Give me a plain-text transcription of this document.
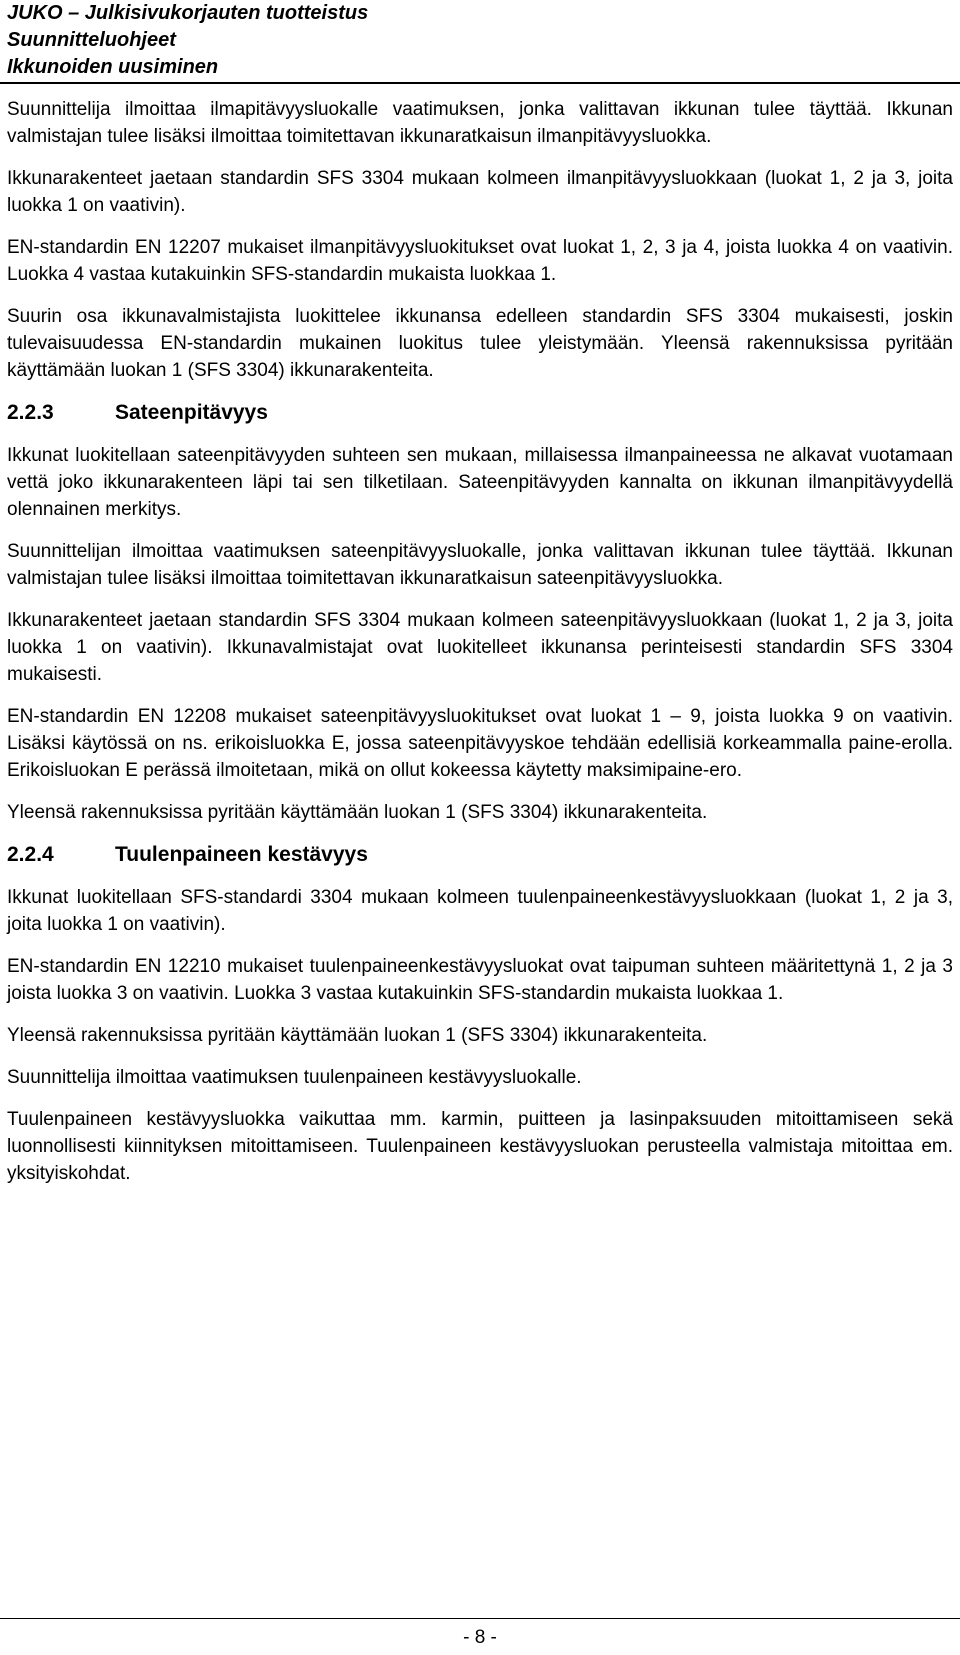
JUKO – Julkisivukorjauten tuotteistus
Suunnitteluohjeet
Ikkunoiden uusiminen

Suunnittelija ilmoittaa ilmapitävyysluokalle vaatimuksen, jonka valittavan ikkunan tulee täyttää. Ikkunan valmistajan tulee lisäksi ilmoittaa toimitettavan ikkunaratkaisun ilmanpitävyysluokka.

Ikkunarakenteet jaetaan standardin SFS 3304 mukaan kolmeen ilmanpitävyysluokkaan (luokat 1, 2 ja 3, joita luokka 1 on vaativin).

EN-standardin EN 12207 mukaiset ilmanpitävyysluokitukset ovat luokat 1, 2, 3 ja 4, joista luokka 4 on vaativin. Luokka 4 vastaa kutakuinkin SFS-standardin mukaista luokkaa 1.

Suurin osa ikkunavalmistajista luokittelee ikkunansa edelleen standardin SFS 3304 mukaisesti, joskin tulevaisuudessa EN-standardin mukainen luokitus tulee yleistymään. Yleensä rakennuksissa pyritään käyttämään luokan 1 (SFS 3304) ikkunarakenteita.

2.2.3	Sateenpitävyys

Ikkunat luokitellaan sateenpitävyyden suhteen sen mukaan, millaisessa ilmanpaineessa ne alkavat vuotamaan vettä joko ikkunarakenteen läpi tai sen tilketilaan. Sateenpitävyyden kannalta on ikkunan ilmanpitävyydellä olennainen merkitys.

Suunnittelijan ilmoittaa vaatimuksen sateenpitävyysluokalle, jonka valittavan ikkunan tulee täyttää. Ikkunan valmistajan tulee lisäksi ilmoittaa toimitettavan ikkunaratkaisun sateenpitävyysluokka.

Ikkunarakenteet jaetaan standardin SFS 3304 mukaan kolmeen sateenpitävyysluokkaan (luokat 1, 2 ja 3, joita luokka 1 on vaativin). Ikkunavalmistajat ovat luokitelleet ikkunansa perinteisesti standardin SFS 3304 mukaisesti.

EN-standardin EN 12208 mukaiset sateenpitävyysluokitukset ovat luokat 1 – 9, joista luokka 9 on vaativin. Lisäksi käytössä on ns. erikoisluokka E, jossa sateenpitävyyskoe tehdään edellisiä korkeammalla paine-erolla. Erikoisluokan E perässä ilmoitetaan, mikä on ollut kokeessa käytetty maksimipaine-ero.

Yleensä rakennuksissa pyritään käyttämään luokan 1 (SFS 3304) ikkunarakenteita.

2.2.4	Tuulenpaineen kestävyys

Ikkunat luokitellaan SFS-standardi 3304 mukaan kolmeen tuulenpaineenkestävyysluokkaan (luokat 1, 2 ja 3, joita luokka 1 on vaativin).

EN-standardin EN 12210 mukaiset tuulenpaineenkestävyysluokat ovat taipuman suhteen määritettynä 1, 2 ja 3 joista luokka 3 on vaativin. Luokka 3 vastaa kutakuinkin SFS-standardin mukaista luokkaa 1.

Yleensä rakennuksissa pyritään käyttämään luokan 1 (SFS 3304) ikkunarakenteita.

Suunnittelija ilmoittaa vaatimuksen tuulenpaineen kestävyysluokalle.

Tuulenpaineen kestävyysluokka vaikuttaa mm. karmin, puitteen ja lasinpaksuuden mitoittamiseen sekä luonnollisesti kiinnityksen mitoittamiseen. Tuulenpaineen kestävyysluokan perusteella valmistaja mitoittaa em. yksityiskohdat.

- 8 -
